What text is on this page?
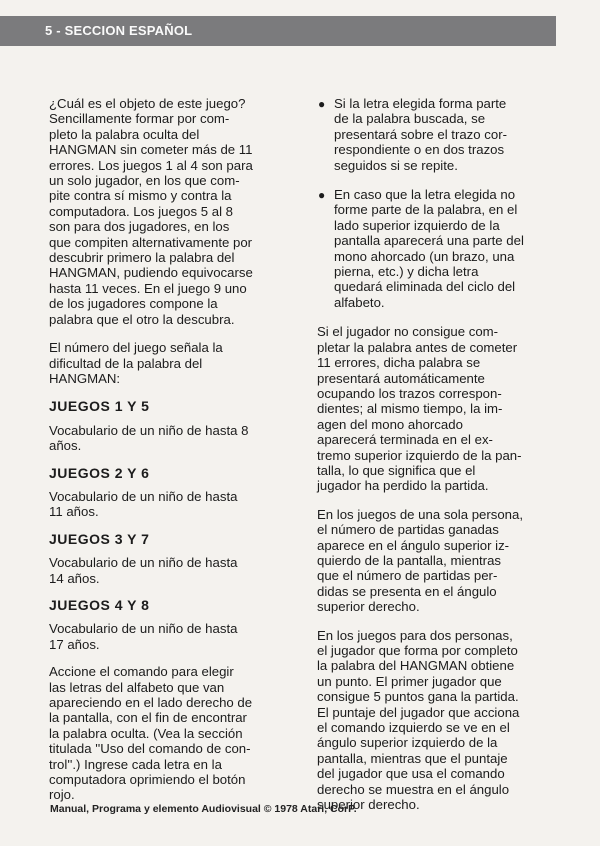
5 - SECCION ESPAÑOL

¿Cuál es el objeto de este juego?
Sencillamente formar por com-
pleto la palabra oculta del
HANGMAN sin cometer más de 11
errores. Los juegos 1 al 4 son para
un solo jugador, en los que com-
pite contra sí mismo y contra la
computadora. Los juegos 5 al 8
son para dos jugadores, en los
que compiten alternativamente por
descubrir primero la palabra del
HANGMAN, pudiendo equivocarse
hasta 11 veces. En el juego 9 uno
de los jugadores compone la
palabra que el otro la descubra.

El número del juego señala la
dificultad de la palabra del
HANGMAN:

JUEGOS 1 Y 5

Vocabulario de un niño de hasta 8
años.

JUEGOS 2 Y 6

Vocabulario de un niño de hasta
11 años.

JUEGOS 3 Y 7

Vocabulario de un niño de hasta
14 años.

JUEGOS 4 Y 8

Vocabulario de un niño de hasta
17 años.

Accione el comando para elegir
las letras del alfabeto que van
apareciendo en el lado derecho de
la pantalla, con el fin de encontrar
la palabra oculta. (Vea la sección
titulada ''Uso del comando de con-
trol''.) Ingrese cada letra en la
computadora oprimiendo el botón
rojo.

● Si la letra elegida forma parte
de la palabra buscada, se
presentará sobre el trazo cor-
respondiente o en dos trazos
seguidos si se repite.

● En caso que la letra elegida no
forme parte de la palabra, en el
lado superior izquierdo de la
pantalla aparecerá una parte del
mono ahorcado (un brazo, una
pierna, etc.) y dicha letra
quedará eliminada del ciclo del
alfabeto.

Si el jugador no consigue com-
pletar la palabra antes de cometer
11 errores, dicha palabra se
presentará automáticamente
ocupando los trazos correspon-
dientes; al mismo tiempo, la im-
agen del mono ahorcado
aparecerá terminada en el ex-
tremo superior izquierdo de la pan-
talla, lo que significa que el
jugador ha perdido la partida.

En los juegos de una sola persona,
el número de partidas ganadas
aparece en el ángulo superior iz-
quierdo de la pantalla, mientras
que el número de partidas per-
didas se presenta en el ángulo
superior derecho.

En los juegos para dos personas,
el jugador que forma por completo
la palabra del HANGMAN obtiene
un punto. El primer jugador que
consigue 5 puntos gana la partida.
El puntaje del jugador que acciona
el comando izquierdo se ve en el
ángulo superior izquierdo de la
pantalla, mientras que el puntaje
del jugador que usa el comando
derecho se muestra en el ángulo
superior derecho.

Manual, Programa y elemento Audiovisual © 1978 Atari, CorP.
